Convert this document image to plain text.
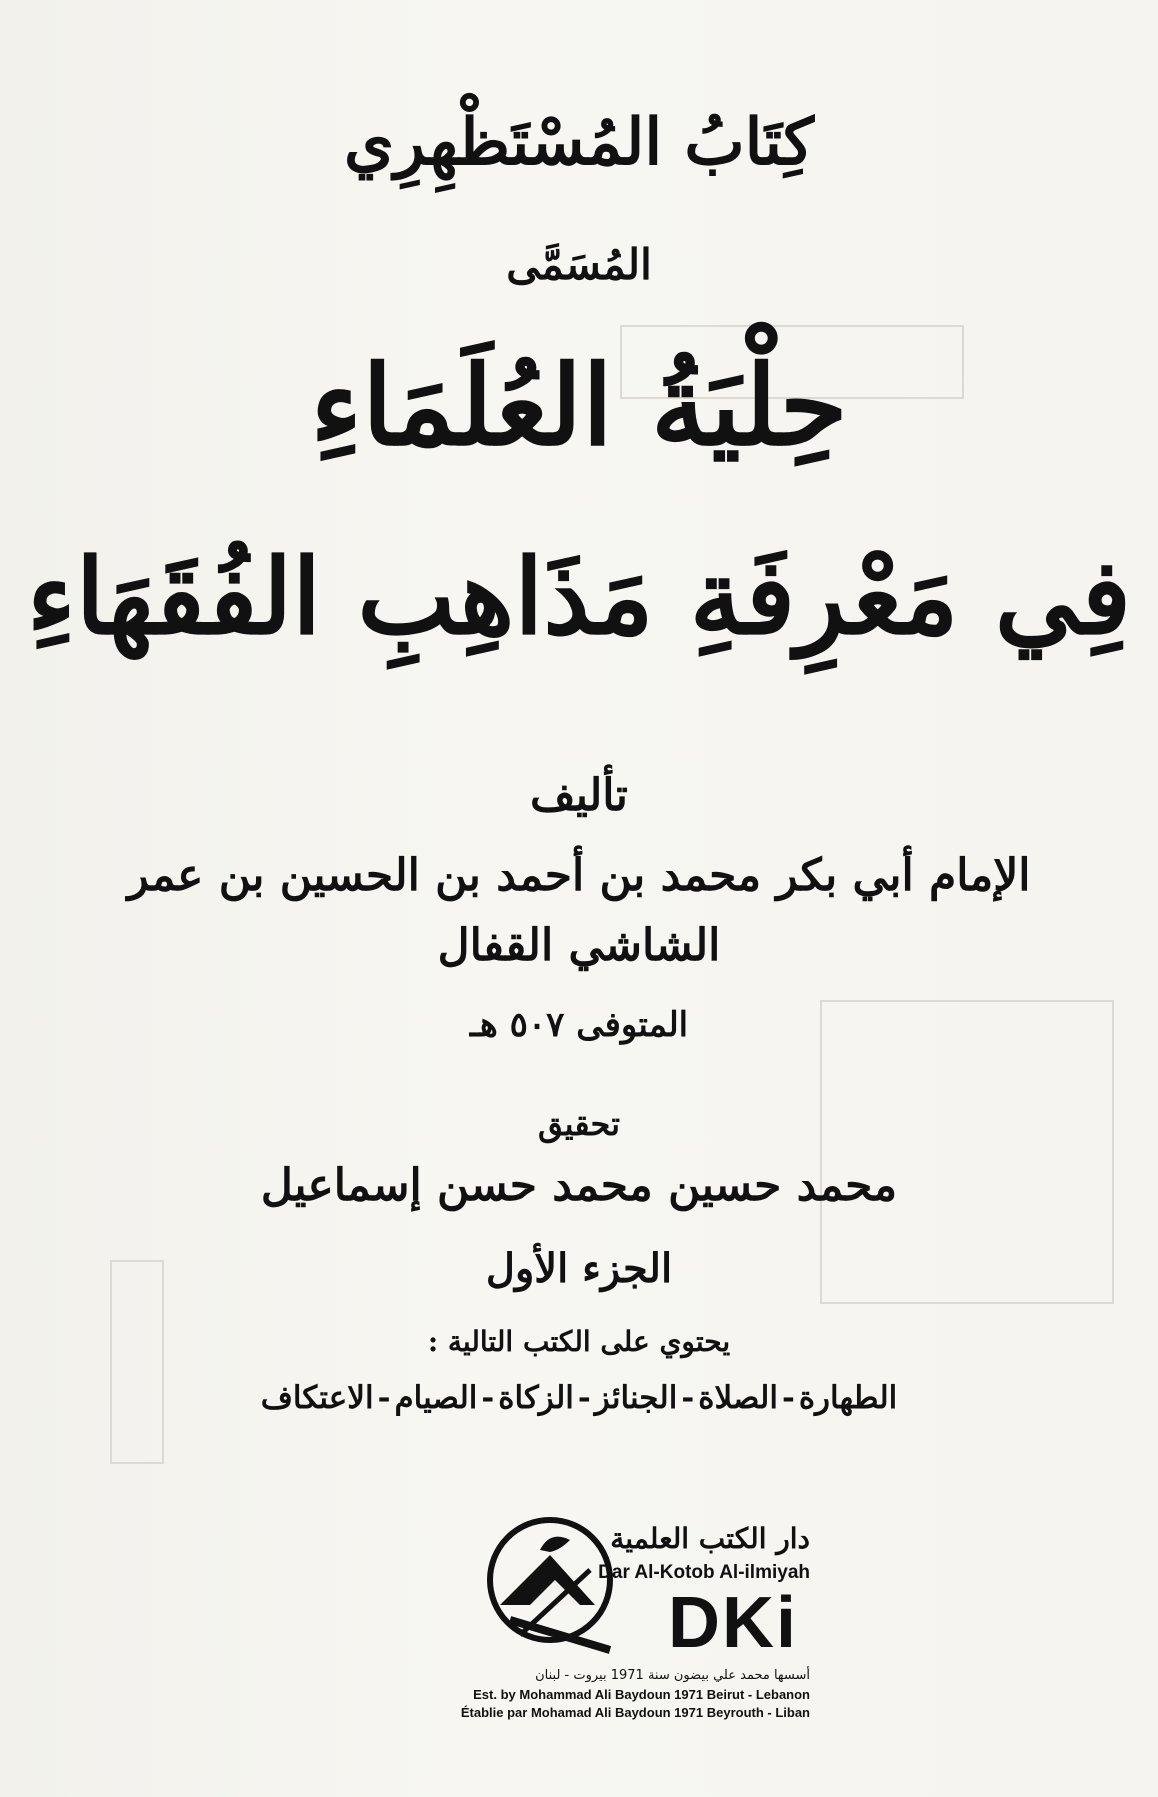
كِتَابُ المُسْتَظْهِرِي
المُسَمَّى
حِلْيَةُ العُلَمَاءِ
فِي مَعْرِفَةِ مَذَاهِبِ الفُقَهَاءِ
تأليف
الإمام أبي بكر محمد بن أحمد بن الحسين بن عمر
الشاشي القفال
المتوفى ٥٠٧ هـ
تحقيق
محمد حسين محمد حسن إسماعيل
الجزء الأول
يحتوي على الكتب التالية :
الطهارة-الصلاة-الجنائز-الزكاة-الصيام-الاعتكاف
دار الكتب العلمية
Dar Al-Kotob Al-ilmiyah
DKi
أسسها محمد علي بيضون سنة 1971 بيروت - لبنان
Est. by Mohammad Ali Baydoun 1971 Beirut - Lebanon
Établie par Mohamad Ali Baydoun 1971 Beyrouth - Liban
